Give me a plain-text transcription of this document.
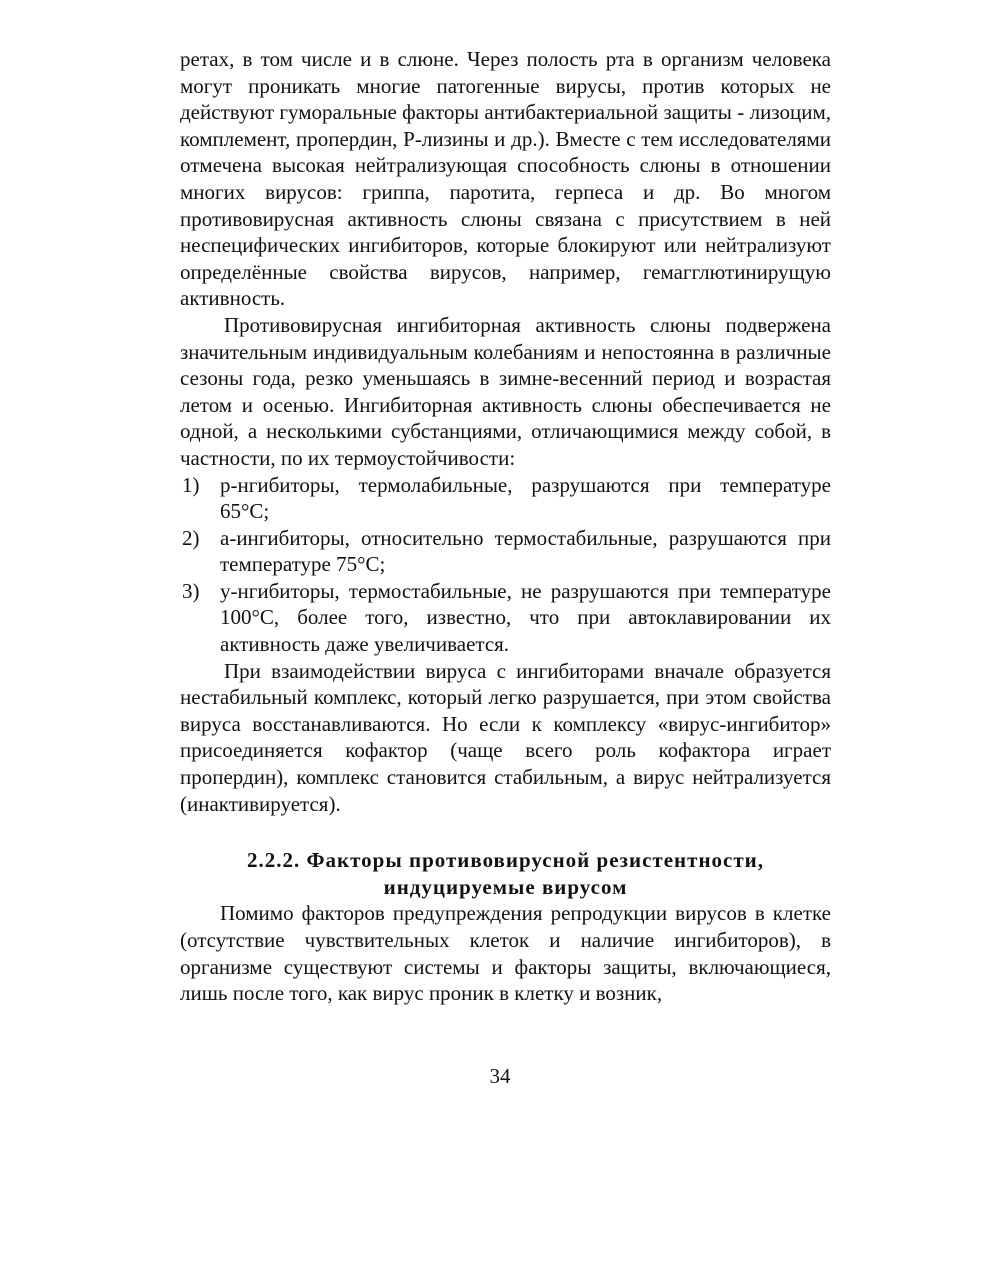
ретах, в том числе и в слюне. Через полость рта в организм человека могут проникать многие патогенные вирусы, против которых не действуют гуморальные факторы антибактериальной защиты - лизоцим, комплемент, пропердин, Р-лизины и др.). Вместе с тем исследователями отмечена высокая нейтрализующая способность слюны в отношении многих вирусов: гриппа, паротита, герпеса и др. Во многом противовирусная активность слюны связана с присутствием в ней неспецифических ингибиторов, которые блокируют или нейтрализуют определённые свойства вирусов, например, гемагглютинирущую активность.

Противовирусная ингибиторная активность слюны подвержена значительным индивидуальным колебаниям и непостоянна в различные сезоны года, резко уменьшаясь в зимне-весенний период и возрастая летом и осенью. Ингибиторная активность слюны обеспечивается не одной, а несколькими субстанциями, отличающимися между собой, в частности, по их термоустойчивости:

1) р-нгибиторы, термолабильные, разрушаются при температуре 65°С;
2) а-ингибиторы, относительно термостабильные, разрушаются при температуре 75°С;
3) у-нгибиторы, термостабильные, не разрушаются при температуре 100°С, более того, известно, что при автоклавировании их активность даже увеличивается.

При взаимодействии вируса с ингибиторами вначале образуется нестабильный комплекс, который легко разрушается, при этом свойства вируса восстанавливаются. Но если к комплексу «вирус-ингибитор» присоединяется кофактор (чаще всего роль кофактора играет пропердин), комплекс становится стабильным, а вирус нейтрализуется (инактивируется).

2.2.2. Факторы противовирусной резистентности,
индуцируемые вирусом

Помимо факторов предупреждения репродукции вирусов в клетке (отсутствие чувствительных клеток и наличие ингибиторов), в организме существуют системы и факторы защиты, включающиеся, лишь после того, как вирус проник в клетку и возник,

34
